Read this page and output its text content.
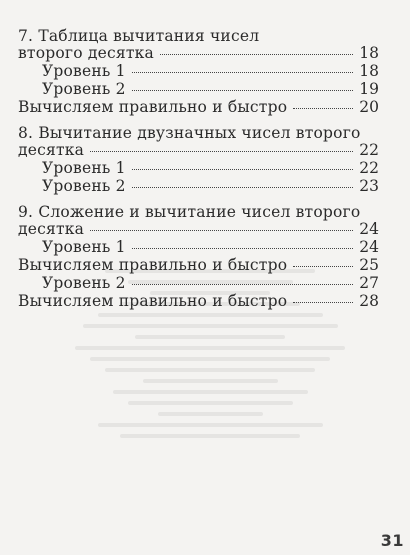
7. Таблица вычитания чисел
второго десятка	18
Уровень 1	18
Уровень 2	19
Вычисляем правильно и быстро	20
8. Вычитание двузначных чисел второго
десятка	22
Уровень 1	22
Уровень 2	23
9. Сложение и вычитание чисел второго
десятка	24
Уровень 1	24
Вычисляем правильно и быстро	25
Уровень 2	27
Вычисляем правильно и быстро	28
31
